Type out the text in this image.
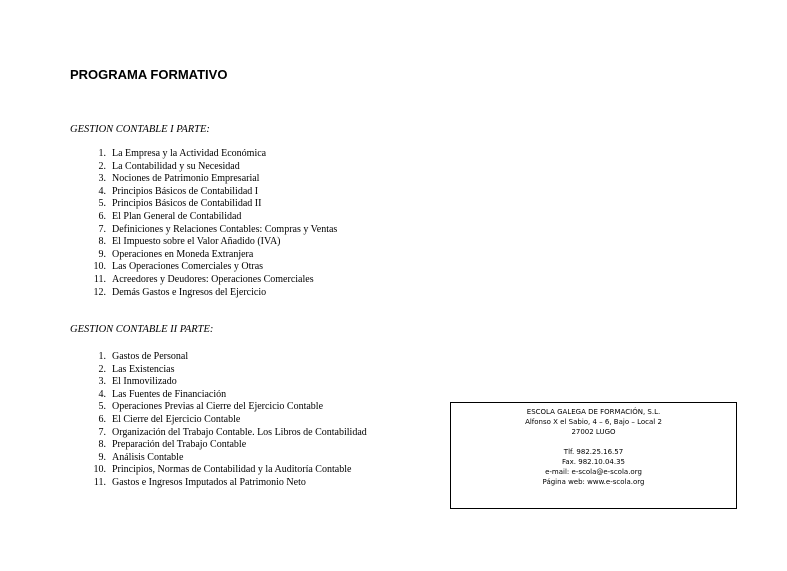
PROGRAMA FORMATIVO
GESTION CONTABLE I PARTE:
1. La Empresa y la Actividad Económica
2. La Contabilidad y su Necesidad
3. Nociones de Patrimonio Empresarial
4. Principios Básicos de Contabilidad I
5. Principios Básicos de Contabilidad II
6. El Plan General de Contabilidad
7. Definiciones y Relaciones Contables: Compras y Ventas
8. El Impuesto sobre el Valor Añadido (IVA)
9. Operaciones en Moneda Extranjera
10. Las Operaciones Comerciales y Otras
11. Acreedores y Deudores: Operaciones Comerciales
12. Demás Gastos e Ingresos del Ejercicio
GESTION CONTABLE II PARTE:
1. Gastos de Personal
2. Las Existencias
3. El Inmovilizado
4. Las Fuentes de Financiación
5. Operaciones Previas al Cierre del Ejercicio Contable
6. El Cierre del Ejercicio Contable
7. Organización del Trabajo Contable. Los Libros de Contabilidad
8. Preparación del Trabajo Contable
9. Análisis Contable
10. Principios, Normas de Contabilidad y la Auditoría Contable
11. Gastos e Ingresos Imputados al Patrimonio Neto
ESCOLA GALEGA DE FORMACIÓN, S.L.
Alfonso X el Sabio, 4 – 6, Bajo – Local 2
27002 LUGO
Tlf. 982.25.16.57
Fax. 982.10.04.35
e-mail: e-scola@e-scola.org
Página web: www.e-scola.org
